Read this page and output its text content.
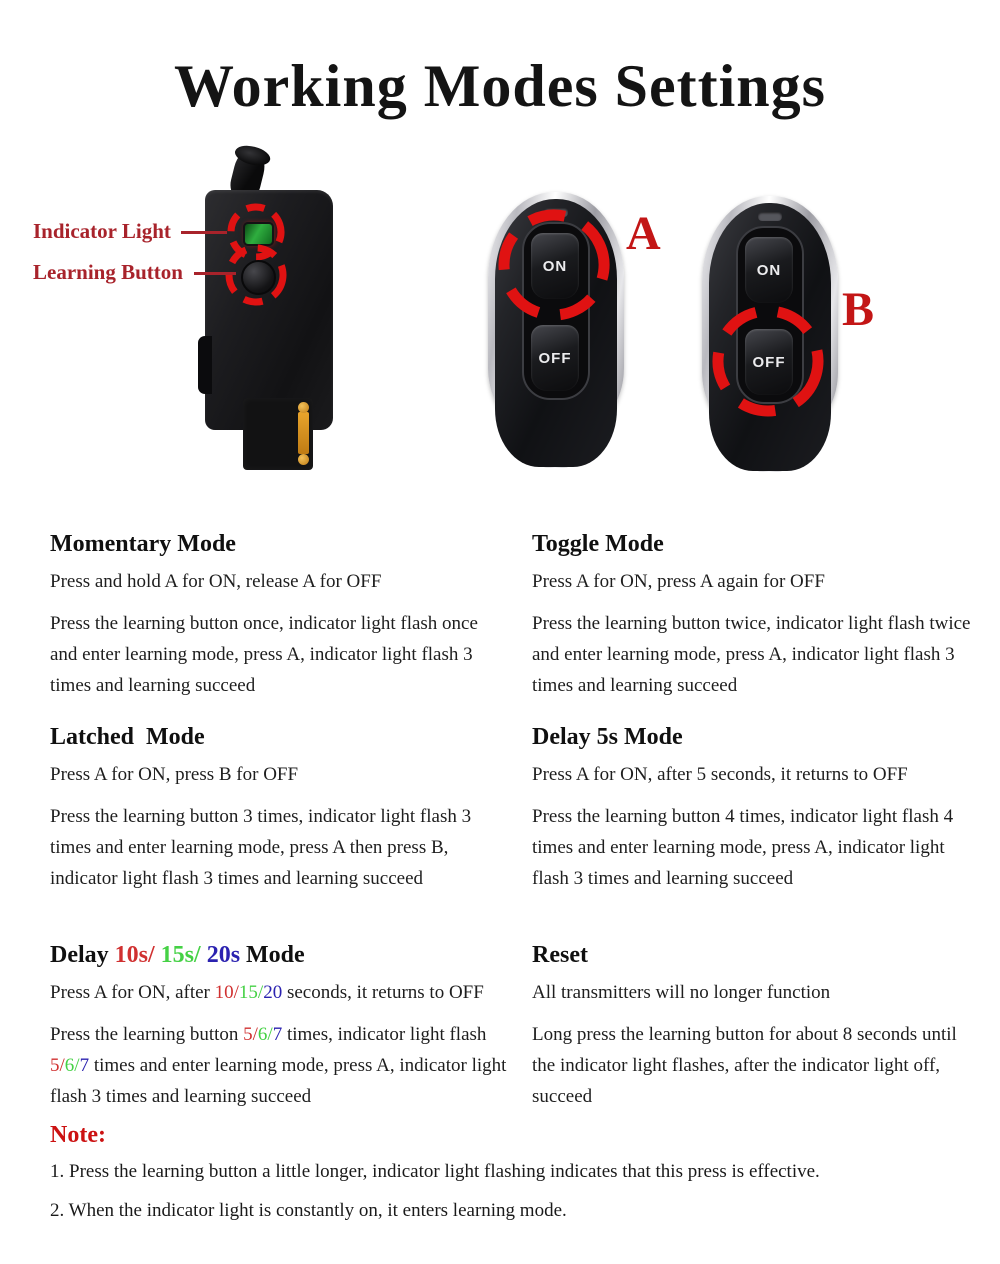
Working Modes Settings
Indicator Light
Learning Button	ON
OFF
A
ON
OFF
B
Momentary Mode

Press and hold A for ON, release A for OFF

Press the learning button once, indicator light flash once and enter learning mode, press A, indicator light flash 3 times and learning succeed

Toggle Mode

Press A for ON, press A again for OFF

Press the learning button twice, indicator light flash twice and enter learning mode, press A, indicator light flash 3 times and learning succeed

Latched  Mode

Press A for ON, press B for OFF

Press the learning button 3 times, indicator light flash 3 times and enter learning mode, press A then press B, indicator light flash 3 times and learning succeed

Delay 5s Mode

Press A for ON, after 5 seconds, it returns to OFF

Press the learning button 4 times, indicator light flash 4 times and enter learning mode, press A, indicator light flash 3 times and learning succeed

Delay 10s/ 15s/ 20s Mode

Press A for ON, after 10/15/20 seconds, it returns to OFF

Press the learning button 5/6/7 times, indicator light flash 5/6/7 times and enter learning mode, press A, indicator light flash 3 times and learning succeed

Reset

All transmitters will no longer function

Long press the learning button for about 8 seconds until the indicator light flashes, after the indicator light off, succeed

Note:

1. Press the learning button a little longer, indicator light flashing indicates that this press is effective.

2. When the indicator light is constantly on, it enters learning mode.
